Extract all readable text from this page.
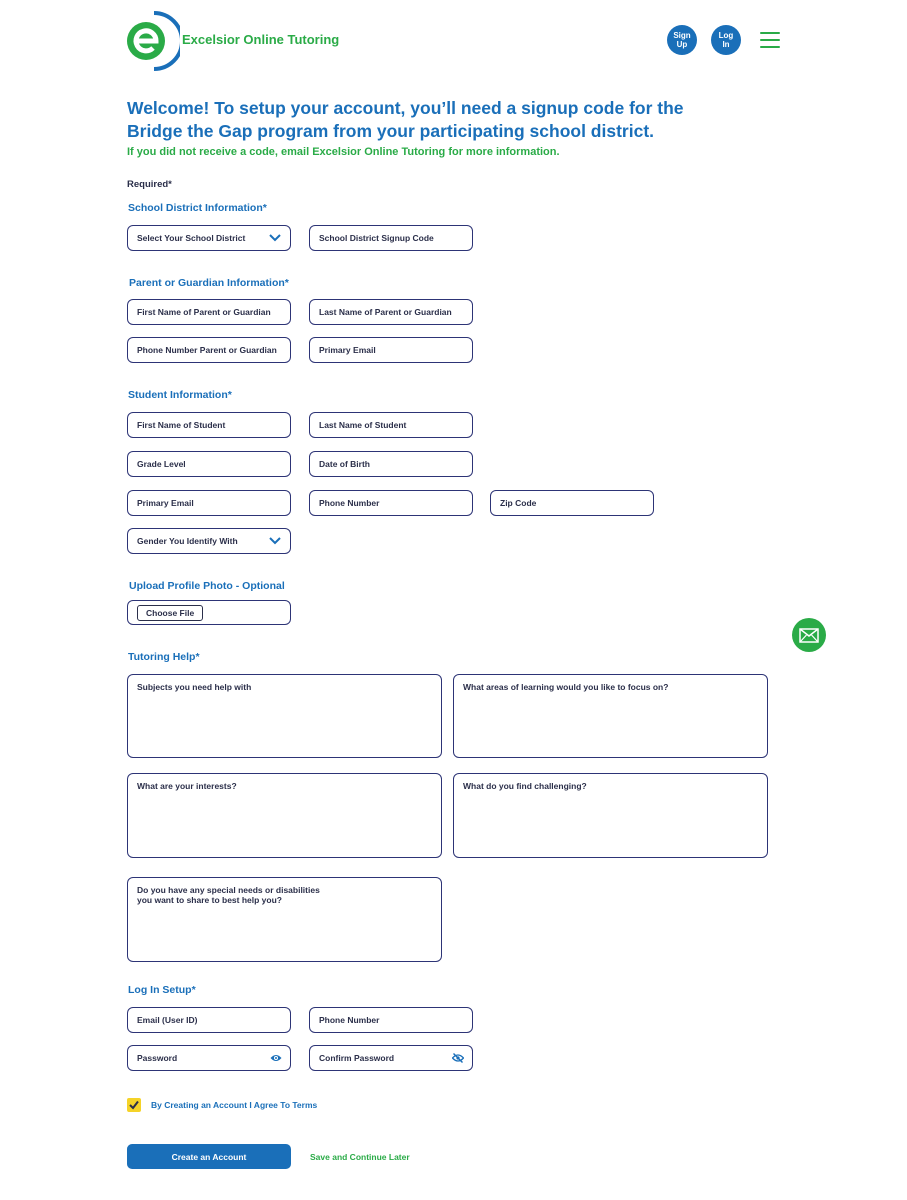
Excelsior Online Tutoring	Sign
Up
Log
In
Welcome! To setup your account, you’ll need a signup code for the Bridge the Gap program from your participating school district.
If you did not receive a code, email Excelsior Online Tutoring for more information.
Required*
School District Information*
Select Your School District	School District Signup Code
Parent or Guardian Information*
First Name of Parent or Guardian	Last Name of Parent or Guardian
Phone Number Parent or Guardian	Primary Email
Student Information*
First Name of Student	Last Name of Student
Grade Level	Date of Birth
Primary Email	Phone Number	Zip Code
Gender You Identify With
Upload Profile Photo - Optional
Choose File
Tutoring Help*
Subjects you need help with	What areas of learning would you like to focus on?
What are your interests?	What do you find challenging?
Do you have any special needs or disabilities
you want to share to best help you?
Log In Setup*
Email (User ID)	Phone Number
Password	Confirm Password
By Creating an Account I Agree To Terms
Create an Account	Save and Continue Later
